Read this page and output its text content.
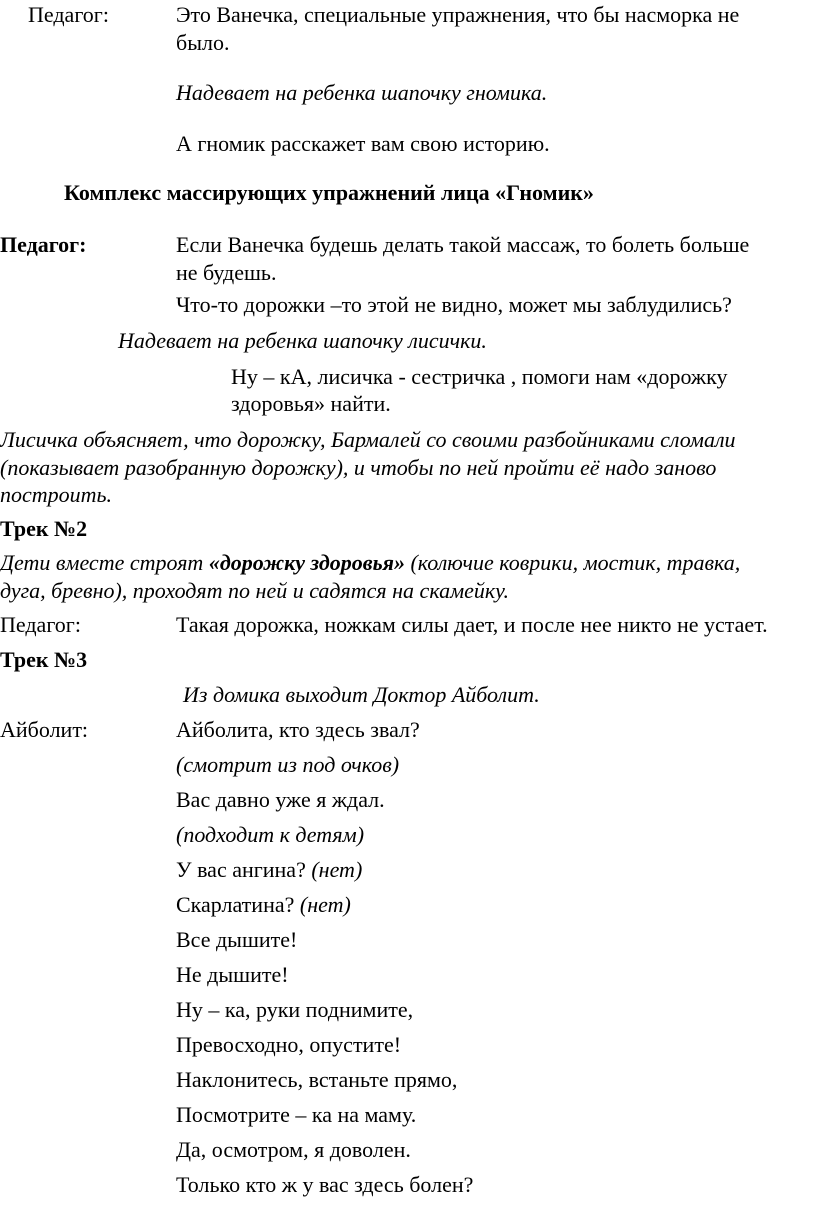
Педагог:	Это Ванечка, специальные упражнения, что бы насморка не
было.
Надевает на ребенка шапочку гномика.
А гномик расскажет вам свою историю.
Комплекс массирующих упражнений лица «Гномик»
Педагог:	Если Ванечка будешь делать такой массаж, то болеть больше
не будешь.
Что-то дорожки –то этой не видно, может мы заблудились?
Надевает на ребенка шапочку лисички.
Ну – кА, лисичка - сестричка , помоги нам «дорожку
здоровья» найти.
Лисичка объясняет, что дорожку, Бармалей со своими разбойниками сломали
(показывает разобранную дорожку), и чтобы по ней пройти её надо заново
построить.
Трек №2
Дети вместе строят «дорожку здоровья» (колючие коврики, мостик, травка,
дуга, бревно), проходят по ней и садятся на скамейку.
Педагог:	Такая дорожка, ножкам силы дает, и после нее никто не устает.
Трек №3
Из домика выходит Доктор Айболит.
Айболит:	Айболита, кто здесь звал?
(смотрит из под очков)
Вас давно уже я ждал.
(подходит к детям)
У вас ангина? (нет)
Скарлатина? (нет)
Все дышите!
Не дышите!
Ну – ка, руки поднимите,
Превосходно, опустите!
Наклонитесь, встаньте прямо,
Посмотрите – ка на маму.
Да, осмотром, я доволен.
Только кто ж у вас здесь болен?
